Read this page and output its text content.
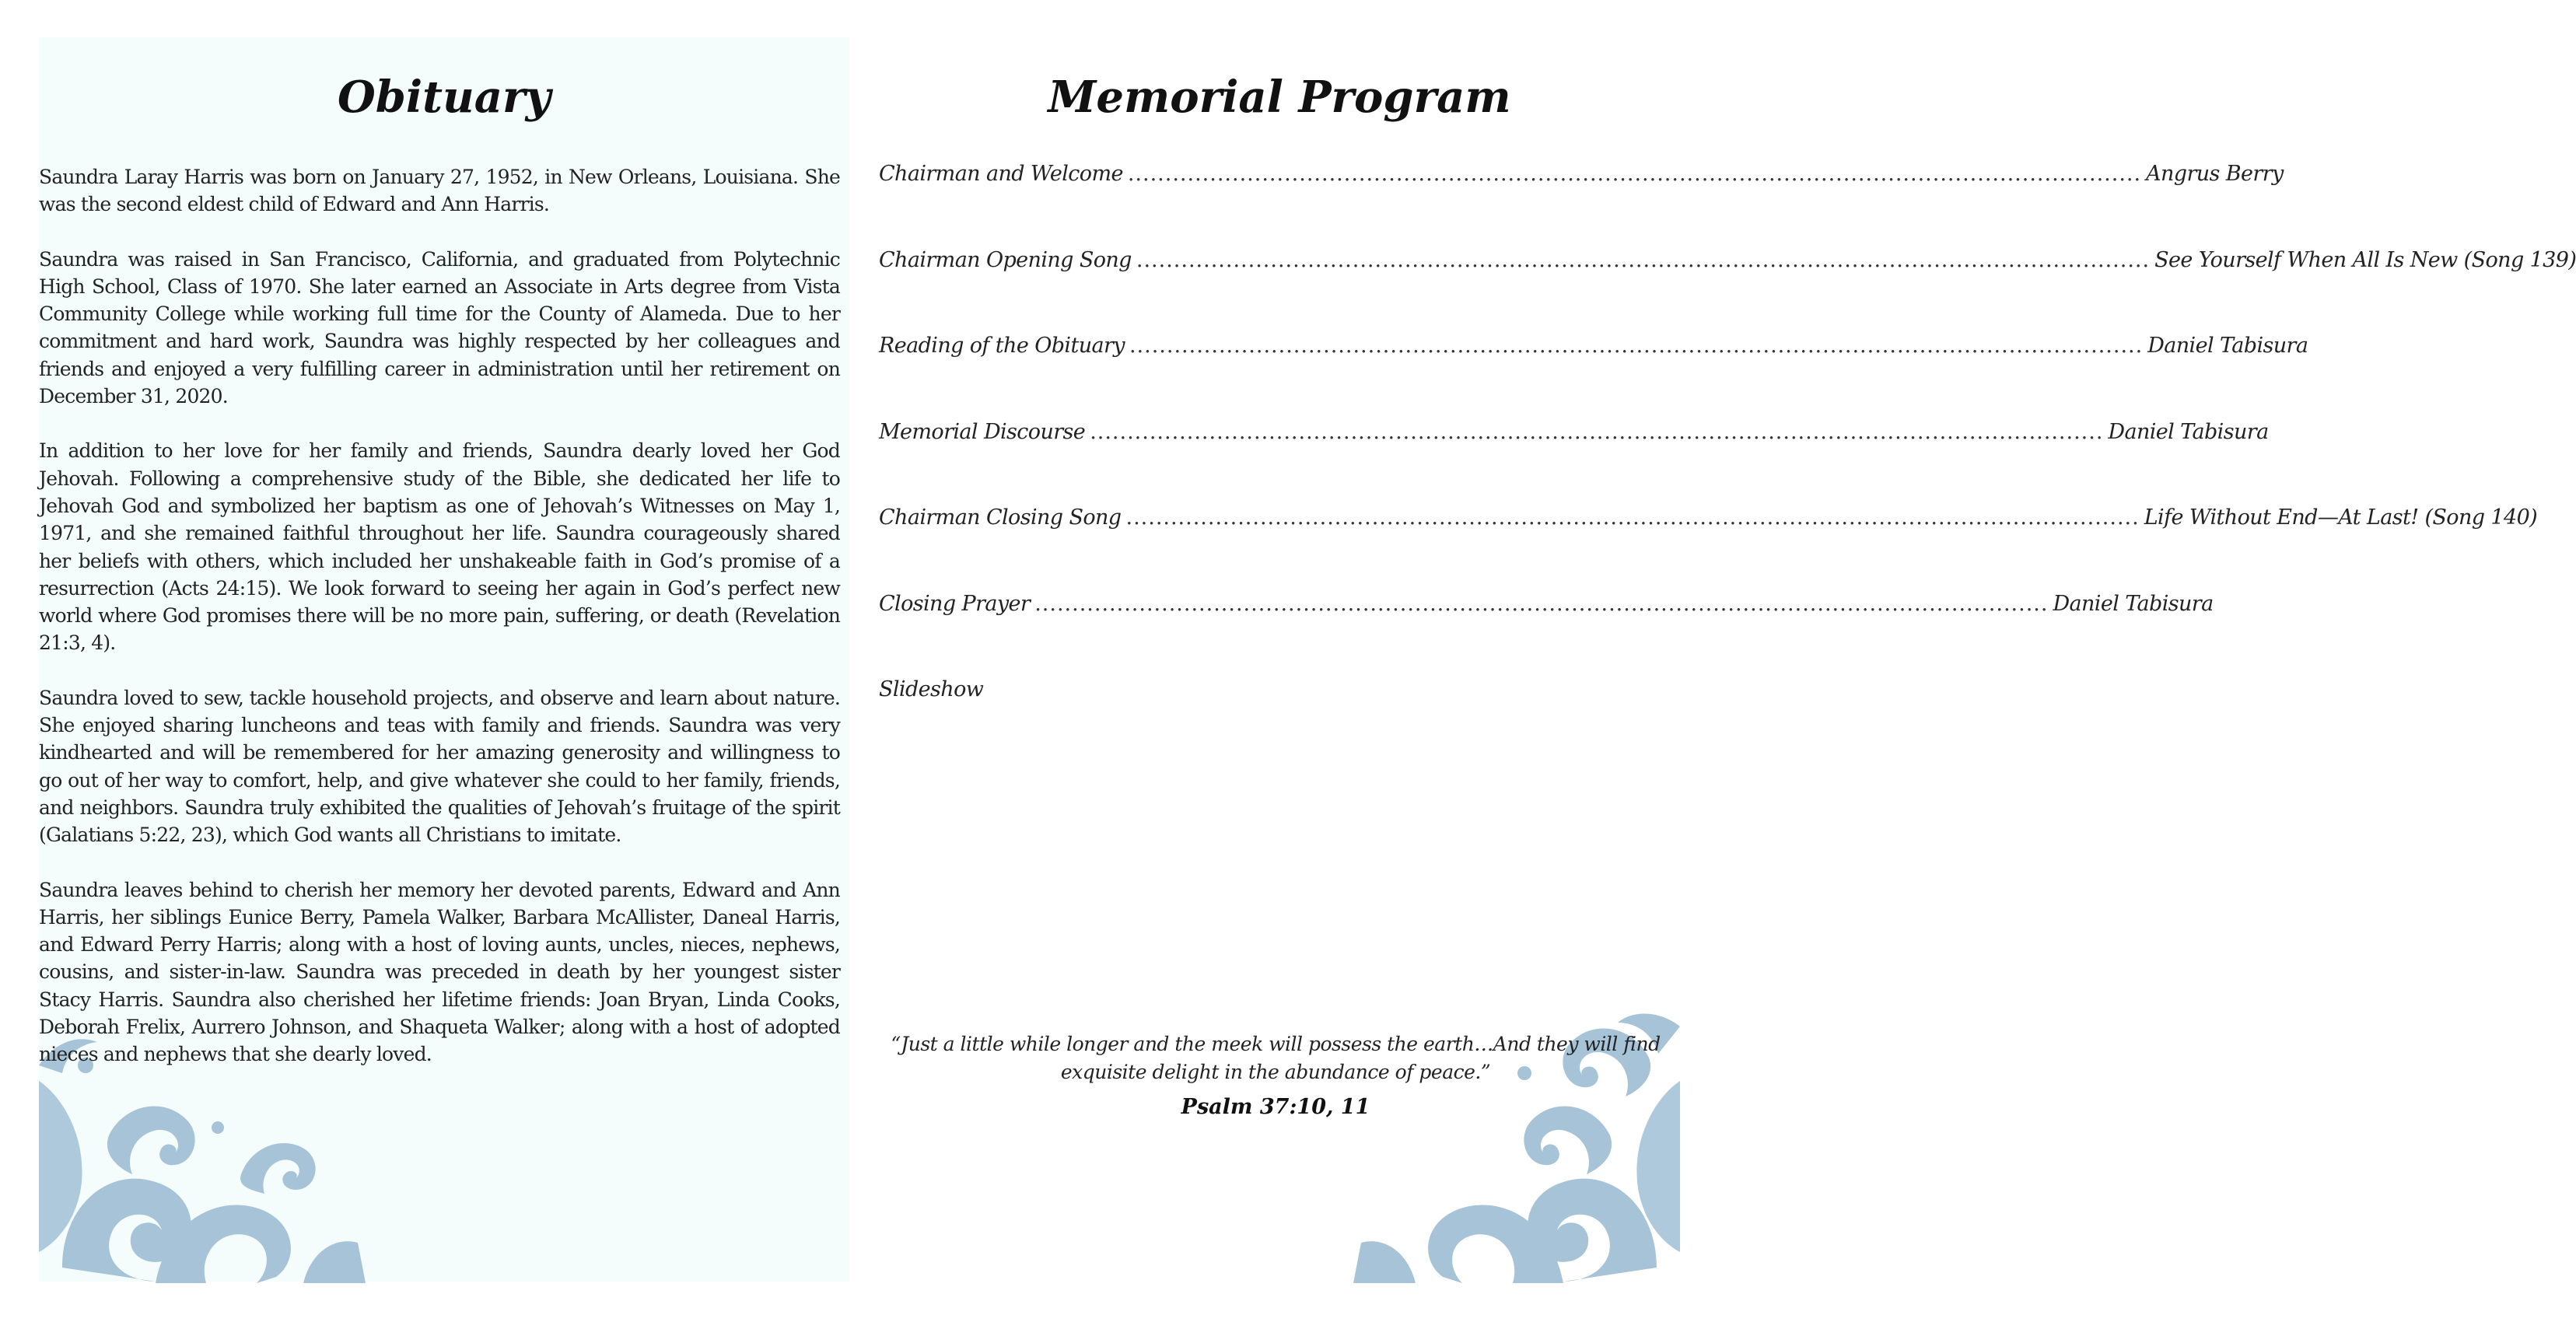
Obituary

Saundra Laray Harris was born on January 27, 1952, in New Orleans, Louisiana. She was the second eldest child of Edward and Ann Harris.

Saundra was raised in San Francisco, California, and graduated from Polytechnic High School, Class of 1970. She later earned an Associate in Arts degree from Vista Community College while working full time for the County of Alameda. Due to her commitment and hard work, Saundra was highly respected by her colleagues and friends and enjoyed a very fulfilling career in administration until her retirement on December 31, 2020.

In addition to her love for her family and friends, Saundra dearly loved her God Jehovah. Following a comprehensive study of the Bible, she dedicated her life to Jehovah God and symbolized her baptism as one of Jehovah’s Witnesses on May 1, 1971, and she remained faithful throughout her life. Saundra courageously shared her beliefs with others, which included her unshakeable faith in God’s promise of a resurrection (Acts 24:15). We look forward to seeing her again in God’s perfect new world where God promises there will be no more pain, suffering, or death (Revelation 21:3, 4).

Saundra loved to sew, tackle household projects, and observe and learn about nature. She enjoyed sharing luncheons and teas with family and friends. Saundra was very kindhearted and will be remembered for her amazing generosity and willingness to go out of her way to comfort, help, and give whatever she could to her family, friends, and neighbors. Saundra truly exhibited the qualities of Jehovah’s fruitage of the spirit (Galatians 5:22, 23), which God wants all Christians to imitate.

Saundra leaves behind to cherish her memory her devoted parents, Edward and Ann Harris, her siblings Eunice Berry, Pamela Walker, Barbara McAllister, Daneal Harris, and Edward Perry Harris; along with a host of loving aunts, uncles, nieces, nephews, cousins, and sister-in-law. Saundra was preceded in death by her youngest sister Stacy Harris. Saundra also cherished her lifetime friends: Joan Bryan, Linda Cooks, Deborah Frelix, Aurrero Johnson, and Shaqueta Walker; along with a host of adopted nieces and nephews that she dearly loved.

Memorial Program
Chairman and Welcome ........................................................................................................................................ Angrus Berry
Chairman Opening Song ........................................................................................................................................ See Yourself When All Is New (Song 139)
Reading of the Obituary ........................................................................................................................................ Daniel Tabisura
Memorial Discourse ........................................................................................................................................ Daniel Tabisura
Chairman Closing Song ........................................................................................................................................ Life Without End—At Last! (Song 140)
Closing Prayer ........................................................................................................................................ Daniel Tabisura
Slideshow
“Just a little while longer and the meek will possess the earth…And they will find exquisite delight in the abundance of peace.”
Psalm 37:10, 11
